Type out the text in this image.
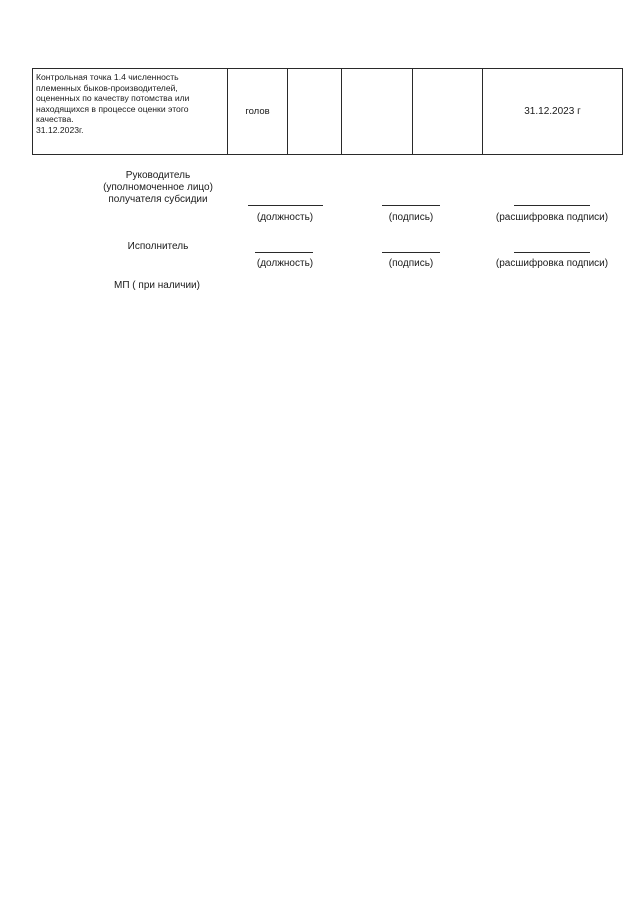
Контрольная точка 1.4 численность
племенных быков-производителей,
оцененных по качеству потомства или
находящихся в процессе оценки этого
качества.
31.12.2023г.
	голов				31.12.2023 г
Руководитель
(уполномоченное лицо)
получателя субсидии
(должность)	(подпись)	(расшифровка подписи)
Исполнитель
(должность)	(подпись)	(расшифровка подписи)
МП ( при наличии)
